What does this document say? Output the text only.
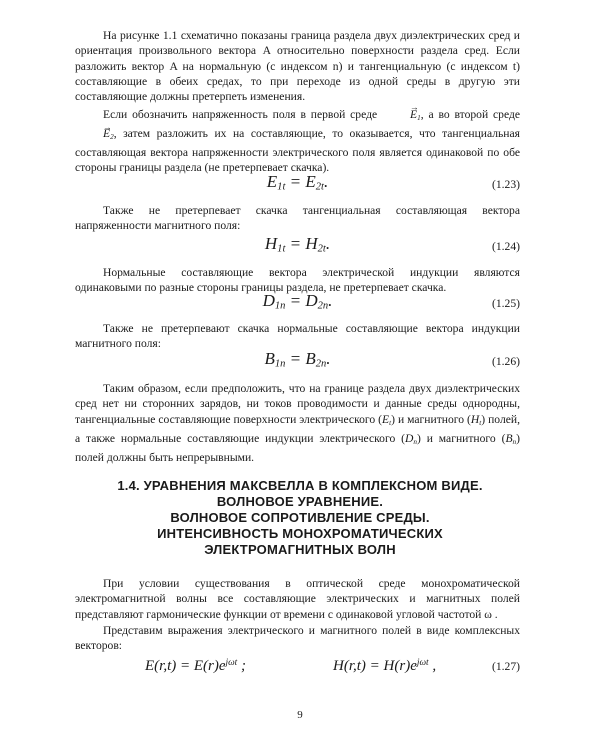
На рисунке 1.1 схематично показаны граница раздела двух диэлектрических сред и ориентация произвольного вектора A относительно поверхности раздела сред. Если разложить вектор A на нормальную (с индексом n) и тангенциальную (с индексом t) составляющие в обеих средах, то при переходе из одной среды в другую эти составляющие должны претерпеть изменения.

Если обозначить напряженность поля в первой среде →	$E_1$, а во второй среде → $E_2$, затем разложить их на составляющие, то оказывается, что тангенциальная составляющая вектора напряженности электрического поля является одинаковой по обе стороны границы раздела (не претерпевает скачка).

$E_{1t} = E_{2t}$.	(1.23)

Также не претерпевает скачка тангенциальная составляющая вектора напряженности магнитного поля:

$H_{1t} = H_{2t}$.	(1.24)

Нормальные составляющие вектора электрической индукции являются одинаковыми по разные стороны границы раздела, не претерпевает скачка.

$D_{1n} = D_{2n}$.	(1.25)

Также не претерпевают скачка нормальные составляющие вектора индукции магнитного поля:

$B_{1n} = B_{2n}$.	(1.26)

Таким образом, если предположить, что на границе раздела двух диэлектрических сред нет ни сторонних зарядов, ни токов проводимости и данные среды однородны, тангенциальные составляющие поверхности электрического $(E_t)$ и магнитного $(H_t)$ полей, а также нормальные составляющие индукции электрического $(D_n)$ и магнитного $(B_n)$ полей должны быть непрерывными.

1.4. УРАВНЕНИЯ МАКСВЕЛЛА В КОМПЛЕКСНОМ ВИДЕ.
ВОЛНОВОЕ УРАВНЕНИЕ.
ВОЛНОВОЕ СОПРОТИВЛЕНИЕ СРЕДЫ.
ИНТЕНСИВНОСТЬ МОНОХРОМАТИЧЕСКИХ
ЭЛЕКТРОМАГНИТНЫХ ВОЛН

При условии существования в оптической среде монохроматической электромагнитной волны все составляющие электрических и магнитных полей представляют гармонические функции от времени с одинаковой угловой частотой ω .

Представим выражения электрического и магнитного полей в виде комплексных векторов:

$E(r,t) = E(r)e^{j\omega t}$ ;	$H(r,t) = H(r)e^{j\omega t}$ ,	(1.27)
9
